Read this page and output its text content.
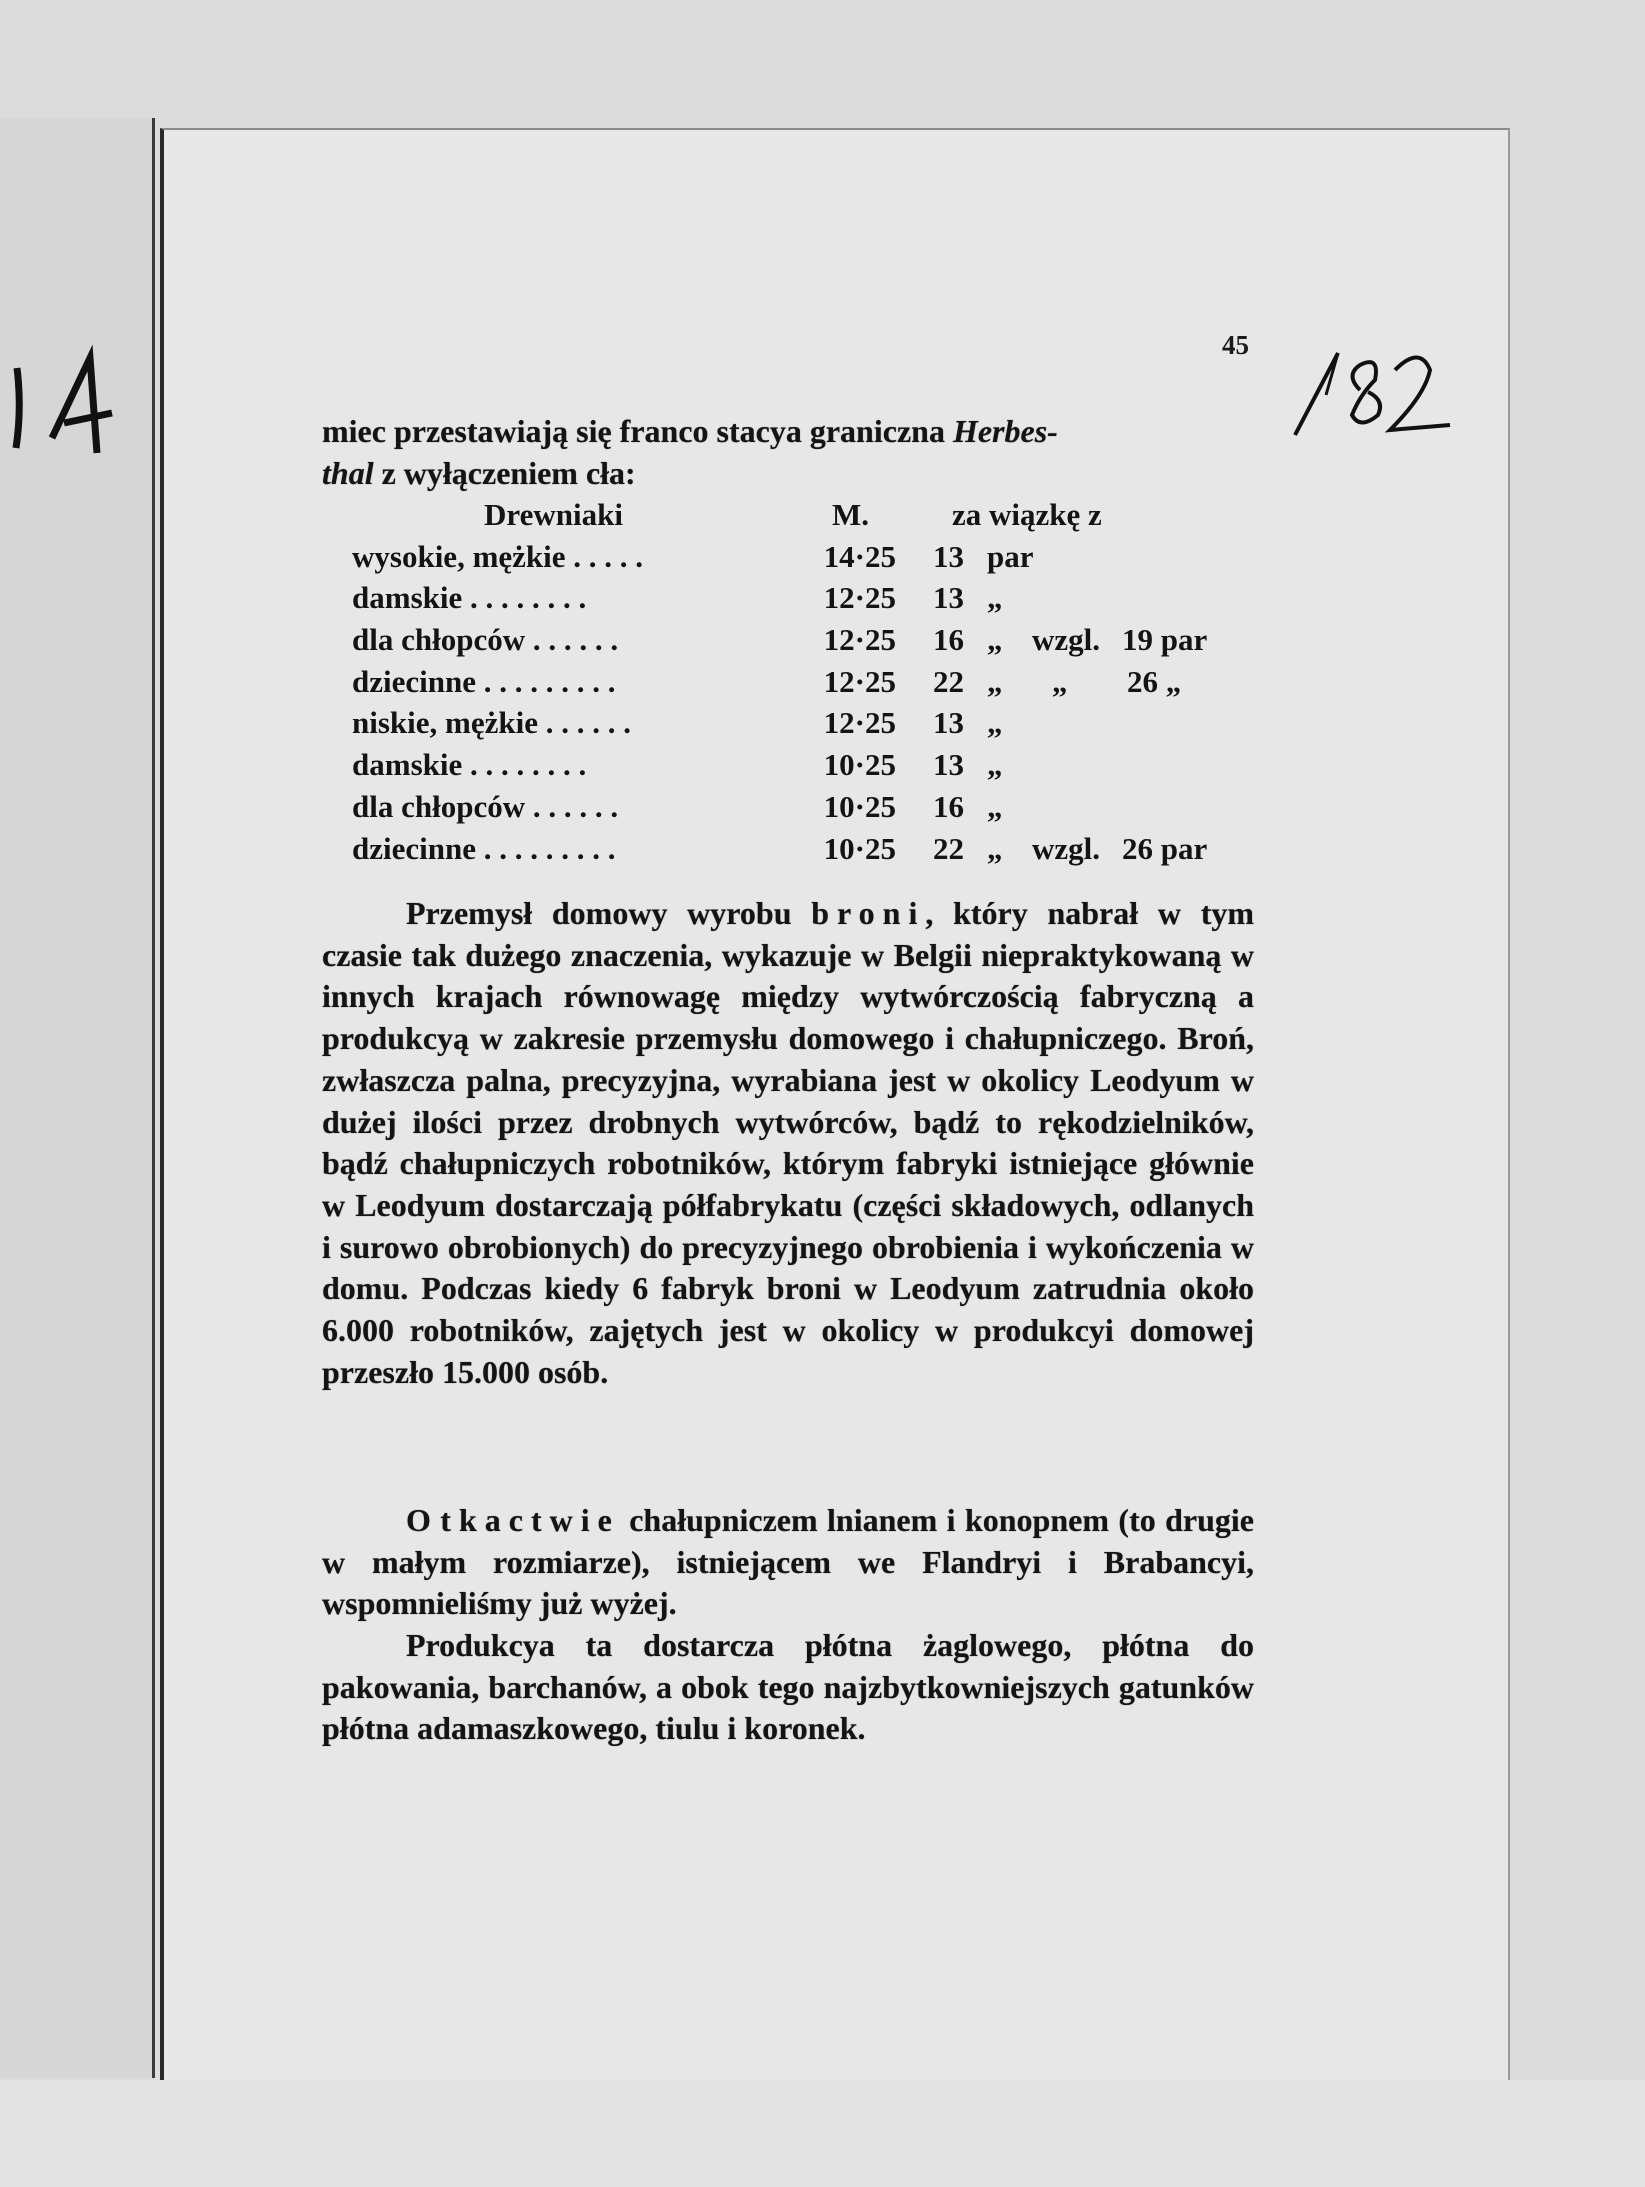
45
miec przestawiają się franco stacya graniczna Herbes-
thal z wyłączeniem cła:
Drewniaki	M.	za wiązkę z
wysokie, mężkie . . . . .	14·25	13 par
damskie . . . . . . . .	12·25	13 „
dla chłopców . . . . . .	12·25	16 „ wzgl. 19 par
dziecinne . . . . . . . . .	12·25	22 „ „ 26 „
niskie, mężkie . . . . . .	12·25	13 „
damskie . . . . . . . .	10·25	13 „
dla chłopców . . . . . .	10·25	16 „
dziecinne . . . . . . . . .	10·25	22 „ wzgl. 26 par

Przemysł domowy wyrobu broni, który nabrał w tym czasie tak dużego znaczenia, wykazuje w Belgii niepraktykowaną w innych krajach równowagę między wytwórczością fabryczną a produkcyą w zakresie przemysłu domowego i chałupniczego. Broń, zwłaszcza palna, precyzyjna, wyrabiana jest w okolicy Leodyum w dużej ilości przez drobnych wytwórców, bądź to rękodzielników, bądź chałupniczych robotników, którym fabryki istniejące głównie w Leodyum dostarczają półfabrykatu (części składowych, odlanych i surowo obrobionych) do precyzyjnego obrobienia i wykończenia w domu. Podczas kiedy 6 fabryk broni w Leodyum zatrudnia około 6.000 robotników, zajętych jest w okolicy w produkcyi domowej przeszło 15.000 osób.

O tkactwie chałupniczem lnianem i konopnem (to drugie w małym rozmiarze), istniejącem we Flandryi i Brabancyi, wspomnieliśmy już wyżej.

Produkcya ta dostarcza płótna żaglowego, płótna do pakowania, barchanów, a obok tego najzbytkowniejszych gatunków płótna adamaszkowego, tiulu i koronek.
